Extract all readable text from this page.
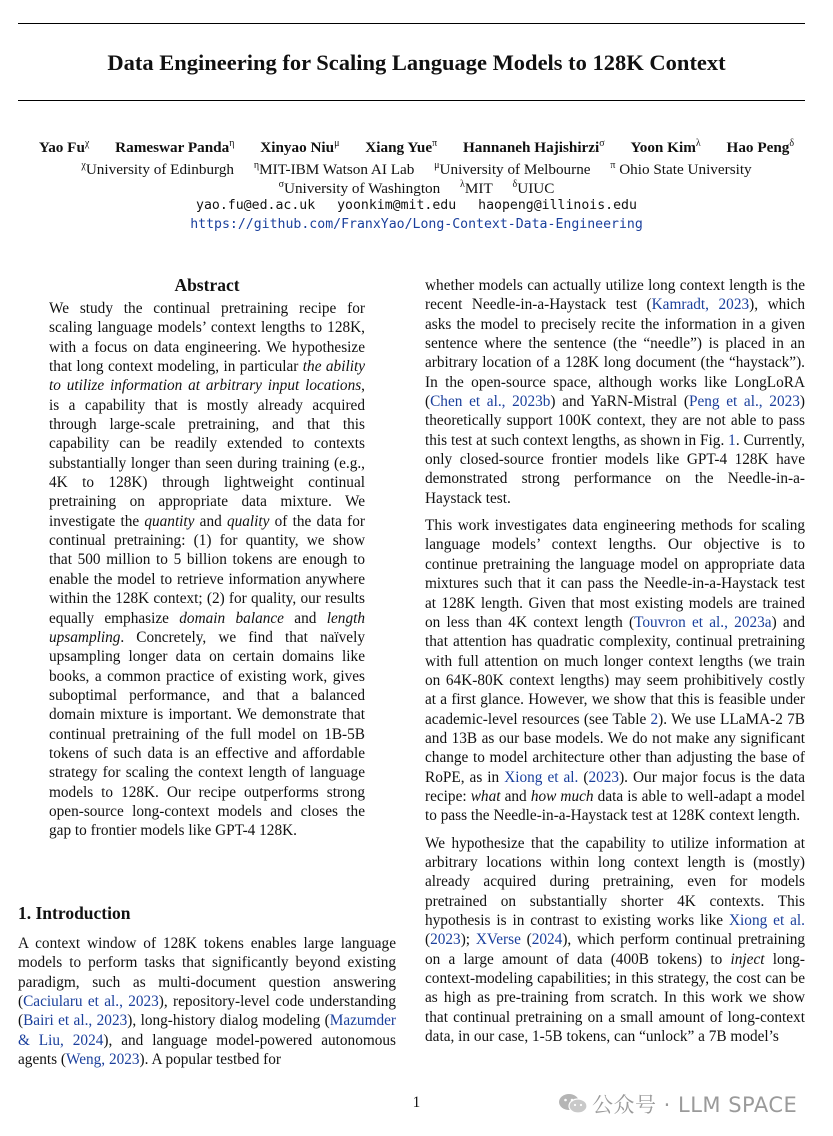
Data Engineering for Scaling Language Models to 128K Context
Yao $Fu^\chi$ Rameswar Panda$^\eta$ Xinyao Niu$^\mu$ Xiang Yue$^\pi$ Hannaneh Hajishirzi$^\sigma$ Yoon Kim$^\lambda$ Hao Peng$^\delta$
$^\chi$University of Edinburgh $^\eta$MIT-IBM Watson AI Lab $^\mu$University of Melbourne $^\pi$ Ohio State University
$^\sigma$University of Washington $^\lambda$MIT $^\delta$UIUC
yao.fu@ed.ac.uk yoonkim@mit.edu haopeng@illinois.edu
https://github.com/FranxYao/Long-Context-Data-Engineering
Abstract

We study the continual pretraining recipe for scaling language models’ context lengths to 128K, with a focus on data engineering. We hypothesize that long context modeling, in particular the ability to utilize information at arbitrary input locations, is a capability that is mostly already acquired through large-scale pretraining, and that this capability can be readily extended to contexts substantially longer than seen during training (e.g., 4K to 128K) through lightweight continual pretraining on appropriate data mixture. We investigate the quantity and quality of the data for continual pretraining: (1) for quantity, we show that 500 million to 5 billion tokens are enough to enable the model to retrieve information anywhere within the 128K context; (2) for quality, our results equally emphasize domain balance and length upsampling. Concretely, we find that naïvely upsampling longer data on certain domains like books, a common practice of existing work, gives suboptimal performance, and that a balanced domain mixture is important. We demonstrate that continual pretraining of the full model on 1B-5B tokens of such data is an effective and affordable strategy for scaling the context length of language models to 128K. Our recipe outperforms strong open-source long-context models and closes the gap to frontier models like GPT-4 128K.

1. Introduction

A context window of 128K tokens enables large language models to perform tasks that significantly beyond existing paradigm, such as multi-document question answering (Caciularu et al., 2023), repository-level code understanding (Bairi et al., 2023), long-history dialog modeling (Mazumder & Liu, 2024), and language model-powered autonomous agents (Weng, 2023). A popular testbed for

whether models can actually utilize long context length is the recent Needle-in-a-Haystack test (Kamradt, 2023), which asks the model to precisely recite the information in a given sentence where the sentence (the “needle”) is placed in an arbitrary location of a 128K long document (the “haystack”). In the open-source space, although works like LongLoRA (Chen et al., 2023b) and YaRN-Mistral (Peng et al., 2023) theoretically support 100K context, they are not able to pass this test at such context lengths, as shown in Fig. 1. Currently, only closed-source frontier models like GPT-4 128K have demonstrated strong performance on the Needle-in-a-Haystack test.

This work investigates data engineering methods for scaling language models’ context lengths. Our objective is to continue pretraining the language model on appropriate data mixtures such that it can pass the Needle-in-a-Haystack test at 128K length. Given that most existing models are trained on less than 4K context length (Touvron et al., 2023a) and that attention has quadratic complexity, continual pretraining with full attention on much longer context lengths (we train on 64K-80K context lengths) may seem prohibitively costly at a first glance. However, we show that this is feasible under academic-level resources (see Table 2). We use LLaMA-2 7B and 13B as our base models. We do not make any significant change to model architecture other than adjusting the base of RoPE, as in Xiong et al. (2023). Our major focus is the data recipe: what and how much data is able to well-adapt a model to pass the Needle-in-a-Haystack test at 128K context length.

We hypothesize that the capability to utilize information at arbitrary locations within long context length is (mostly) already acquired during pretraining, even for models pretrained on substantially shorter 4K contexts. This hypothesis is in contrast to existing works like Xiong et al. (2023); XVerse (2024), which perform continual pretraining on a large amount of data (400B tokens) to inject long-context-modeling capabilities; in this strategy, the cost can be as high as pre-training from scratch. In this work we show that continual pretraining on a small amount of long-context data, in our case, 1-5B tokens, can “unlock” a 7B model’s

1	公众号 · LLM SPACE
